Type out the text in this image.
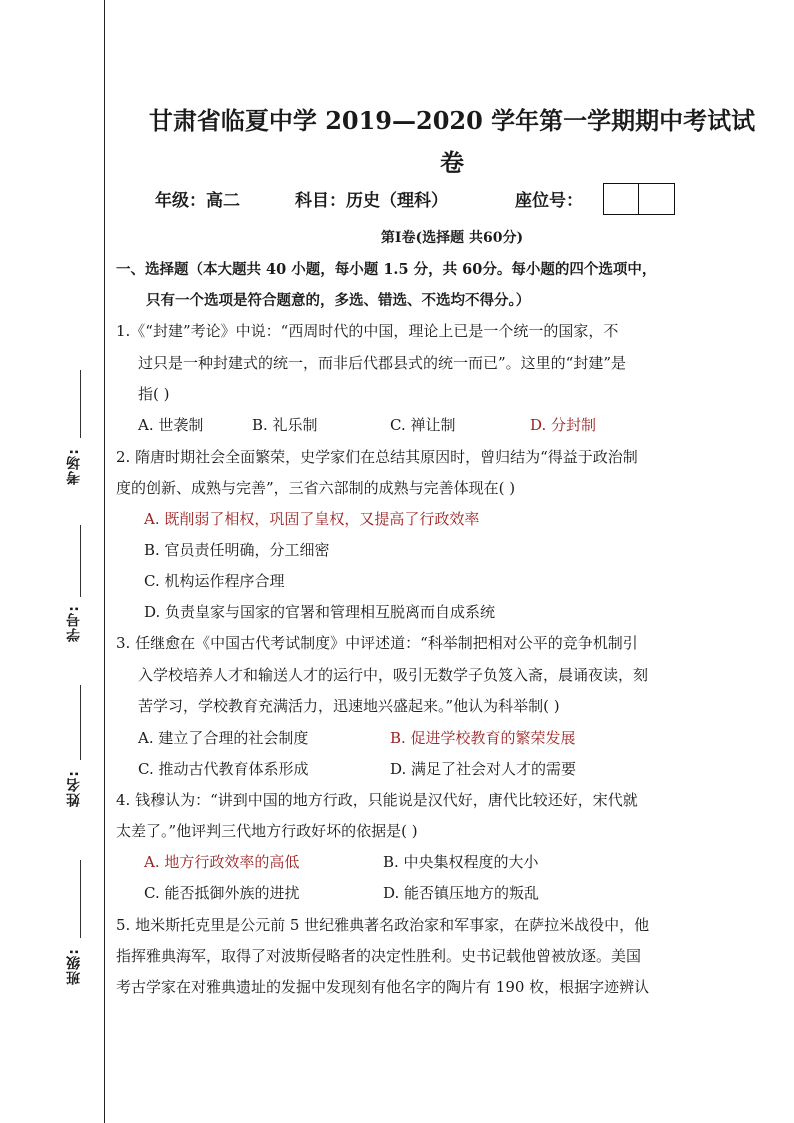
考场:
学号:
姓名:
班级:
甘肃省临夏中学 2019—2020 学年第一学期期中考试试
卷
年级：高二	科目：历史（理科）	座位号：
第Ⅰ卷(选择题 共60分)
一、选择题（本大题共 40 小题，每小题 1.5 分，共 60分。每小题的四个选项中，
只有一个选项是符合题意的，多选、错选、不选均不得分。）
1.《“封建”考论》中说：“西周时代的中国，理论上已是一个统一的国家，不
过只是一种封建式的统一，而非后代郡县式的统一而已”。这里的“封建”是
指( )
A. 世袭制	B. 礼乐制	C. 禅让制	D. 分封制
2. 隋唐时期社会全面繁荣，史学家们在总结其原因时，曾归结为“得益于政治制
度的创新、成熟与完善”，三省六部制的成熟与完善体现在( )
A. 既削弱了相权，巩固了皇权，又提高了行政效率
B. 官员责任明确，分工细密
C. 机构运作程序合理
D. 负责皇家与国家的官署和管理相互脱离而自成系统
3. 任继愈在《中国古代考试制度》中评述道：“科举制把相对公平的竞争机制引
入学校培养人才和输送人才的运行中，吸引无数学子负笈入斋，晨诵夜读，刻
苦学习，学校教育充满活力，迅速地兴盛起来。”他认为科举制( )
A. 建立了合理的社会制度	B. 促进学校教育的繁荣发展
C. 推动古代教育体系形成	D. 满足了社会对人才的需要
4. 钱穆认为：“讲到中国的地方行政，只能说是汉代好，唐代比较还好，宋代就
太差了。”他评判三代地方行政好坏的依据是( )
A. 地方行政效率的高低	B. 中央集权程度的大小
C. 能否抵御外族的进扰	D. 能否镇压地方的叛乱
5. 地米斯托克里是公元前 5 世纪雅典著名政治家和军事家，在萨拉米战役中，他
指挥雅典海军，取得了对波斯侵略者的决定性胜利。史书记载他曾被放逐。美国
考古学家在对雅典遗址的发掘中发现刻有他名字的陶片有 190 枚，根据字迹辨认
